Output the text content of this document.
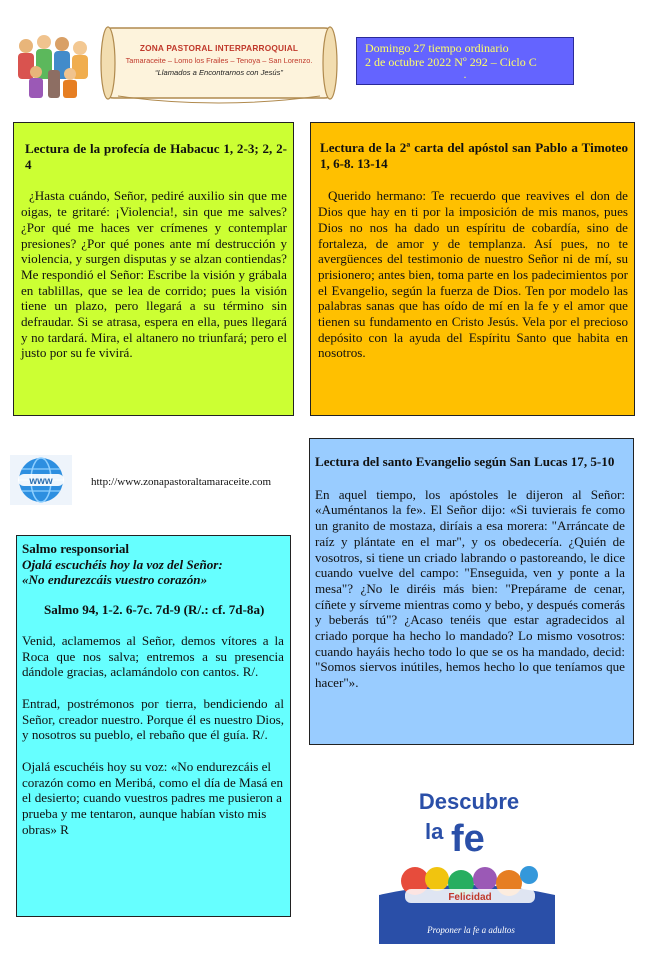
ZONA PASTORAL INTERPARROQUIAL
Tamaraceite – Lomo los Frailes – Tenoya – San Lorenzo.
“Llamados a Encontrarnos con Jesús”
Domingo 27 tiempo ordinario
2 de octubre 2022 Nº 292 – Ciclo C
.

Lectura de la profecía de Habacuc 1, 2-3; 2, 2-4

¿Hasta cuándo, Señor, pediré auxilio sin que me oigas, te gritaré: ¡Violencia!, sin que me salves? ¿Por qué me haces ver crímenes y contemplar presiones? ¿Por qué pones ante mí destrucción y violencia, y surgen disputas y se alzan contiendas? Me respondió el Señor: Escribe la visión y grábala en tablillas, que se lea de corrido; pues la visión tiene un plazo, pero llegará a su término sin defraudar. Si se atrasa, espera en ella, pues llegará y no tardará. Mira, el altanero no triunfará; pero el justo por su fe vivirá.

Lectura de la 2ª carta del apóstol san Pablo a Timoteo 1, 6-8. 13-14

Querido hermano: Te recuerdo que reavives el don de Dios que hay en ti por la imposición de mis manos, pues Dios no nos ha dado un espíritu de cobardía, sino de fortaleza, de amor y de templanza. Así pues, no te avergüences del testimonio de nuestro Señor ni de mí, su prisionero; antes bien, toma parte en los padecimientos por el Evangelio, según la fuerza de Dios. Ten por modelo las palabras sanas que has oído de mí en la fe y el amor que tienen su fundamento en Cristo Jesús. Vela por el precioso depósito con la ayuda del Espíritu Santo que habita en nosotros.

www	http://www.zonapastoraltamaraceite.com

Lectura del santo Evangelio según San Lucas 17, 5-10

En aquel tiempo, los apóstoles le dijeron al Señor: «Auméntanos la fe». El Señor dijo: «Si tuvierais fe como un granito de mostaza, diríais a esa morera: "Arráncate de raíz y plántate en el mar", y os obedecería. ¿Quién de vosotros, si tiene un criado labrando o pastoreando, le dice cuando vuelve del campo: "Enseguida, ven y ponte a la mesa"? ¿No le diréis más bien: "Prepárame de cenar, cíñete y sírveme mientras como y bebo, y después comerás y beberás tú"? ¿Acaso tenéis que estar agradecidos al criado porque ha hecho lo mandado? Lo mismo vosotros: cuando hayáis hecho todo lo que se os ha mandado, decid: "Somos siervos inútiles, hemos hecho lo que teníamos que hacer"».

Salmo responsorial

Ojalá escuchéis hoy la voz del Señor:

«No endurezcáis vuestro corazón»

Salmo 94, 1-2. 6-7c. 7d-9 (R/.: cf. 7d-8a)

Venid, aclamemos al Señor, demos vítores a la Roca que nos salva; entremos a su presencia dándole gracias, aclamándolo con cantos. R/.

Entrad, postrémonos por tierra, bendiciendo al Señor, creador nuestro. Porque él es nuestro Dios, y nosotros su pueblo, el rebaño que él guía. R/.

Ojalá escuchéis hoy su voz: «No endurezcáis el corazón como en Meribá, como el día de Masá en el desierto; cuando vuestros padres me pusieron a prueba y me tentaron, aunque habían visto mis obras» R

Descubre
la fe
Felicidad
Proponer la fe a adultos
